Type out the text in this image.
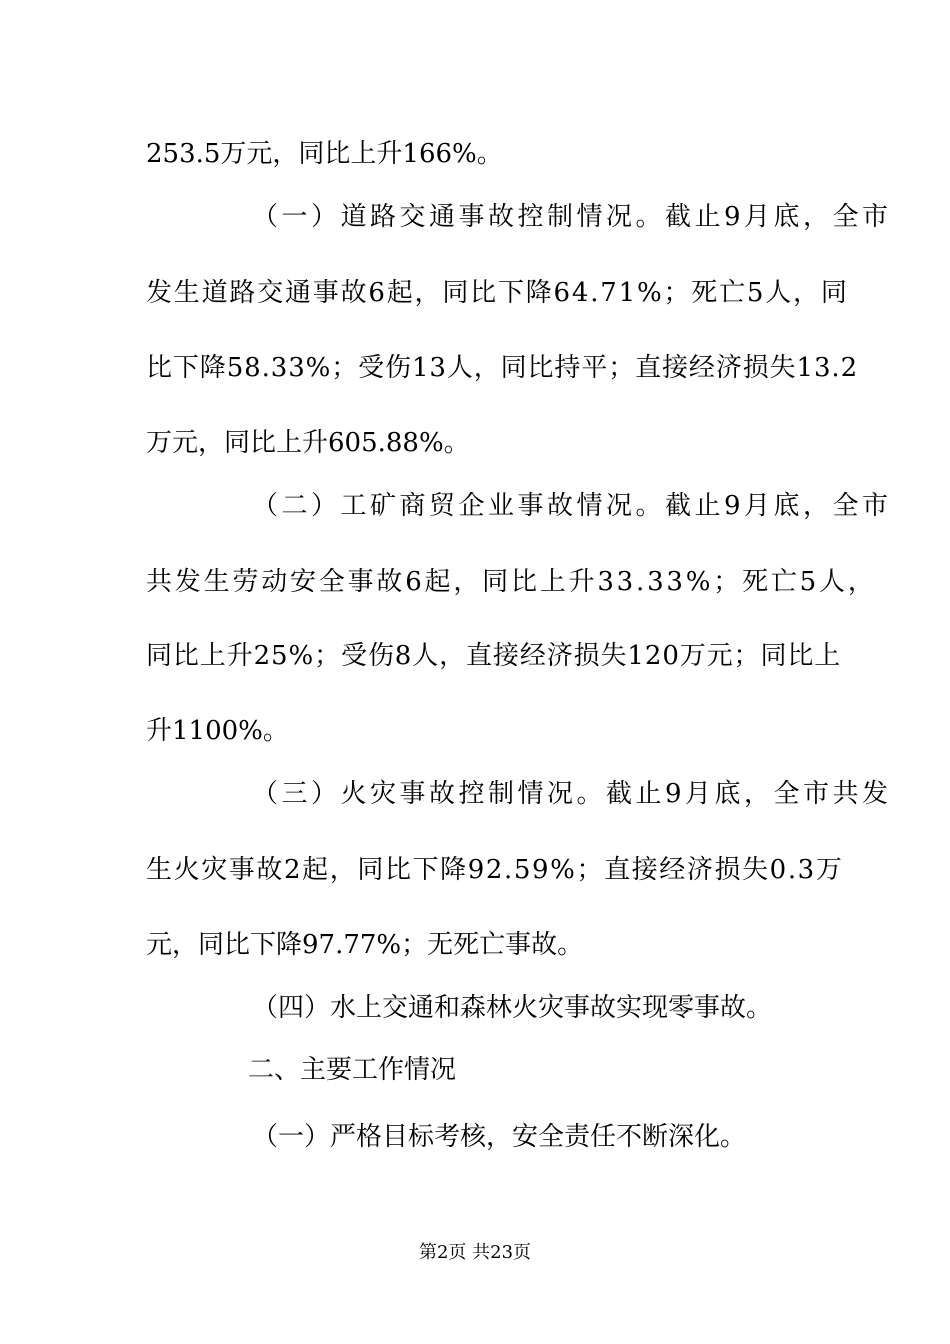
253.5万元，同比上升166%。
（一）道路交通事故控制情况。截止9月底，全市
发生道路交通事故6起，同比下降64.71%；死亡5人，同
比下降58.33%；受伤13人，同比持平；直接经济损失13.2
万元，同比上升605.88%。
（二）工矿商贸企业事故情况。截止9月底，全市
共发生劳动安全事故6起，同比上升33.33%；死亡5人，
同比上升25%；受伤8人，直接经济损失120万元；同比上
升1100%。
（三）火灾事故控制情况。截止9月底，全市共发
生火灾事故2起，同比下降92.59%；直接经济损失0.3万
元，同比下降97.77%；无死亡事故。
（四）水上交通和森林火灾事故实现零事故。
二、主要工作情况
（一）严格目标考核，安全责任不断深化。
第2页 共23页
